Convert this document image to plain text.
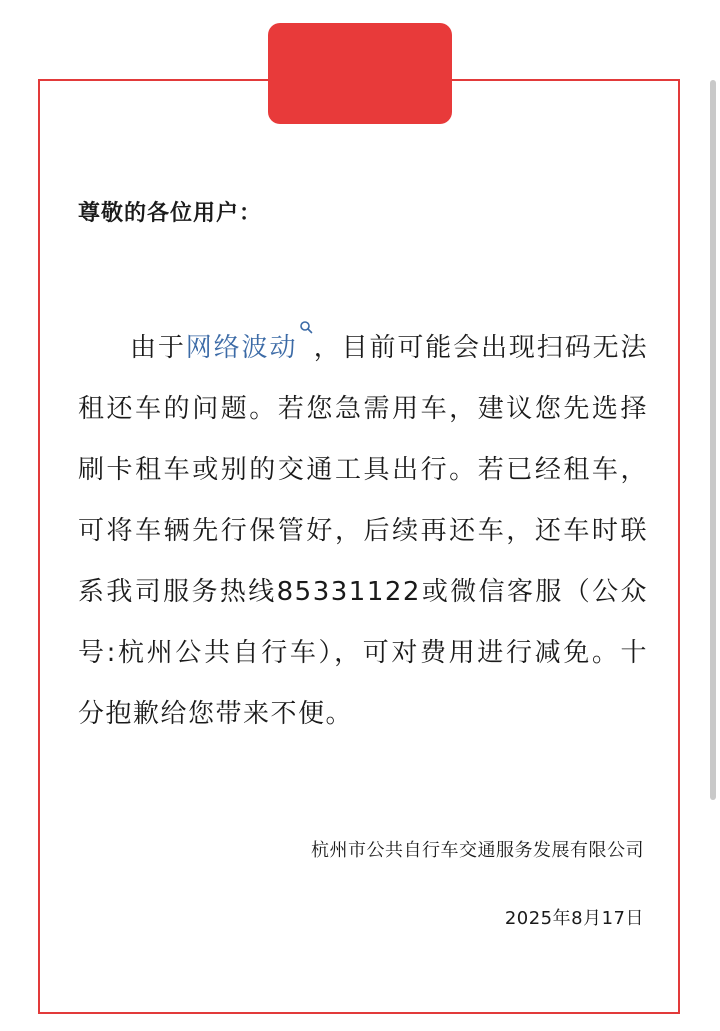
尊敬的各位用户：
由于网络波动 ，目前可能会出现扫码无法租还车的问题。若您急需用车，建议您先选择刷卡租车或别的交通工具出行。若已经租车，可将车辆先行保管好，后续再还车，还车时联系我司服务热线85331122或微信客服（公众号:杭州公共自行车），可对费用进行减免。十分抱歉给您带来不便。
杭州市公共自行车交通服务发展有限公司
2025年8月17日
